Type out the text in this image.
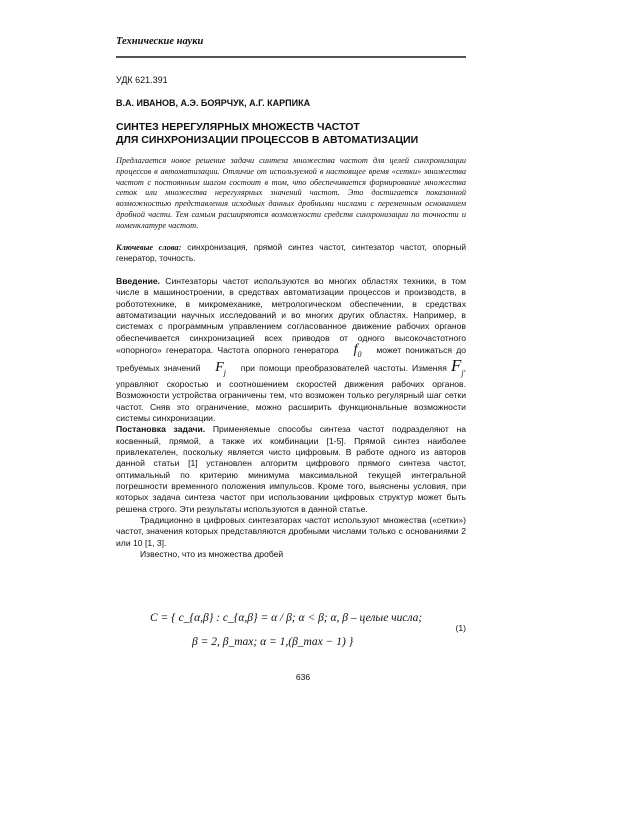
Технические науки
УДК 621.391
В.А. ИВАНОВ, А.Э. БОЯРЧУК, А.Г. КАРПИКА
СИНТЕЗ НЕРЕГУЛЯРНЫХ МНОЖЕСТВ ЧАСТОТ
ДЛЯ СИНХРОНИЗАЦИИ ПРОЦЕССОВ В АВТОМАТИЗАЦИИ

Предлагается новое решение задачи синтеза множества частот для целей синхронизации процессов в автоматизации. Отличие от используемой в настоящее время «сетки» множества частот с постоянным шагом состоит в том, что обеспечивается формирование множества сеток или множества нерегулярных значений частот. Это достигается показанной возможностью представления исходных данных дробными числами с переменным основанием дробной части. Тем самым расширяются возможности средств синхронизации по точности и номенклатуре частот.

Ключевые слова: синхронизация, прямой синтез частот, синтезатор частот, опорный генератор, точность.

Введение. Синтезаторы частот используются во многих областях техники, в том числе в машиностроении, в средствах автоматизации процессов и производств, в робототехнике, в микромеханике, метрологическом обеспечении, в средствах автоматизации научных исследований и во многих других областях. Например, в системах с программным управлением согласованное движение рабочих органов обеспечивается синхронизацией всех приводов от одного высокочастотного «опорного» генератора. Частота опорного генератора $f_0$ может понижаться до требуемых значений $F_j$ при помощи преобразователей частоты. Изменяя $F_j$, управляют скоростью и соотношением скоростей движения рабочих органов. Возможности устройства ограничены тем, что возможен только регулярный шаг сетки частот. Сняв это ограничение, можно расширить функциональные возможности системы синхронизации.

Постановка задачи. Применяемые способы синтеза частот подразделяют на косвенный, прямой, а также их комбинации [1-5]. Прямой синтез наиболее привлекателен, поскольку является чисто цифровым. В работе одного из авторов данной статьи [1] установлен алгоритм цифрового прямого синтеза частот, оптимальный по критерию минимума максимальной текущей интегральной погрешности временного положения импульсов. Кроме того, выяснены условия, при которых задача синтеза частот при использовании цифровых структур может быть решена строго. Эти результаты используются в данной статье.

Традиционно в цифровых синтезаторах частот используют множества («сетки») частот, значения которых представляются дробными числами только с основаниями 2 или 10 [1, 3].

Известно, что из множества дробей

C = { c_{α,β} : c_{α,β} = α / β; α < β; α, β – целые числа;
β = 2, β_max; α = 1,(β_max − 1) }
(1)
636
